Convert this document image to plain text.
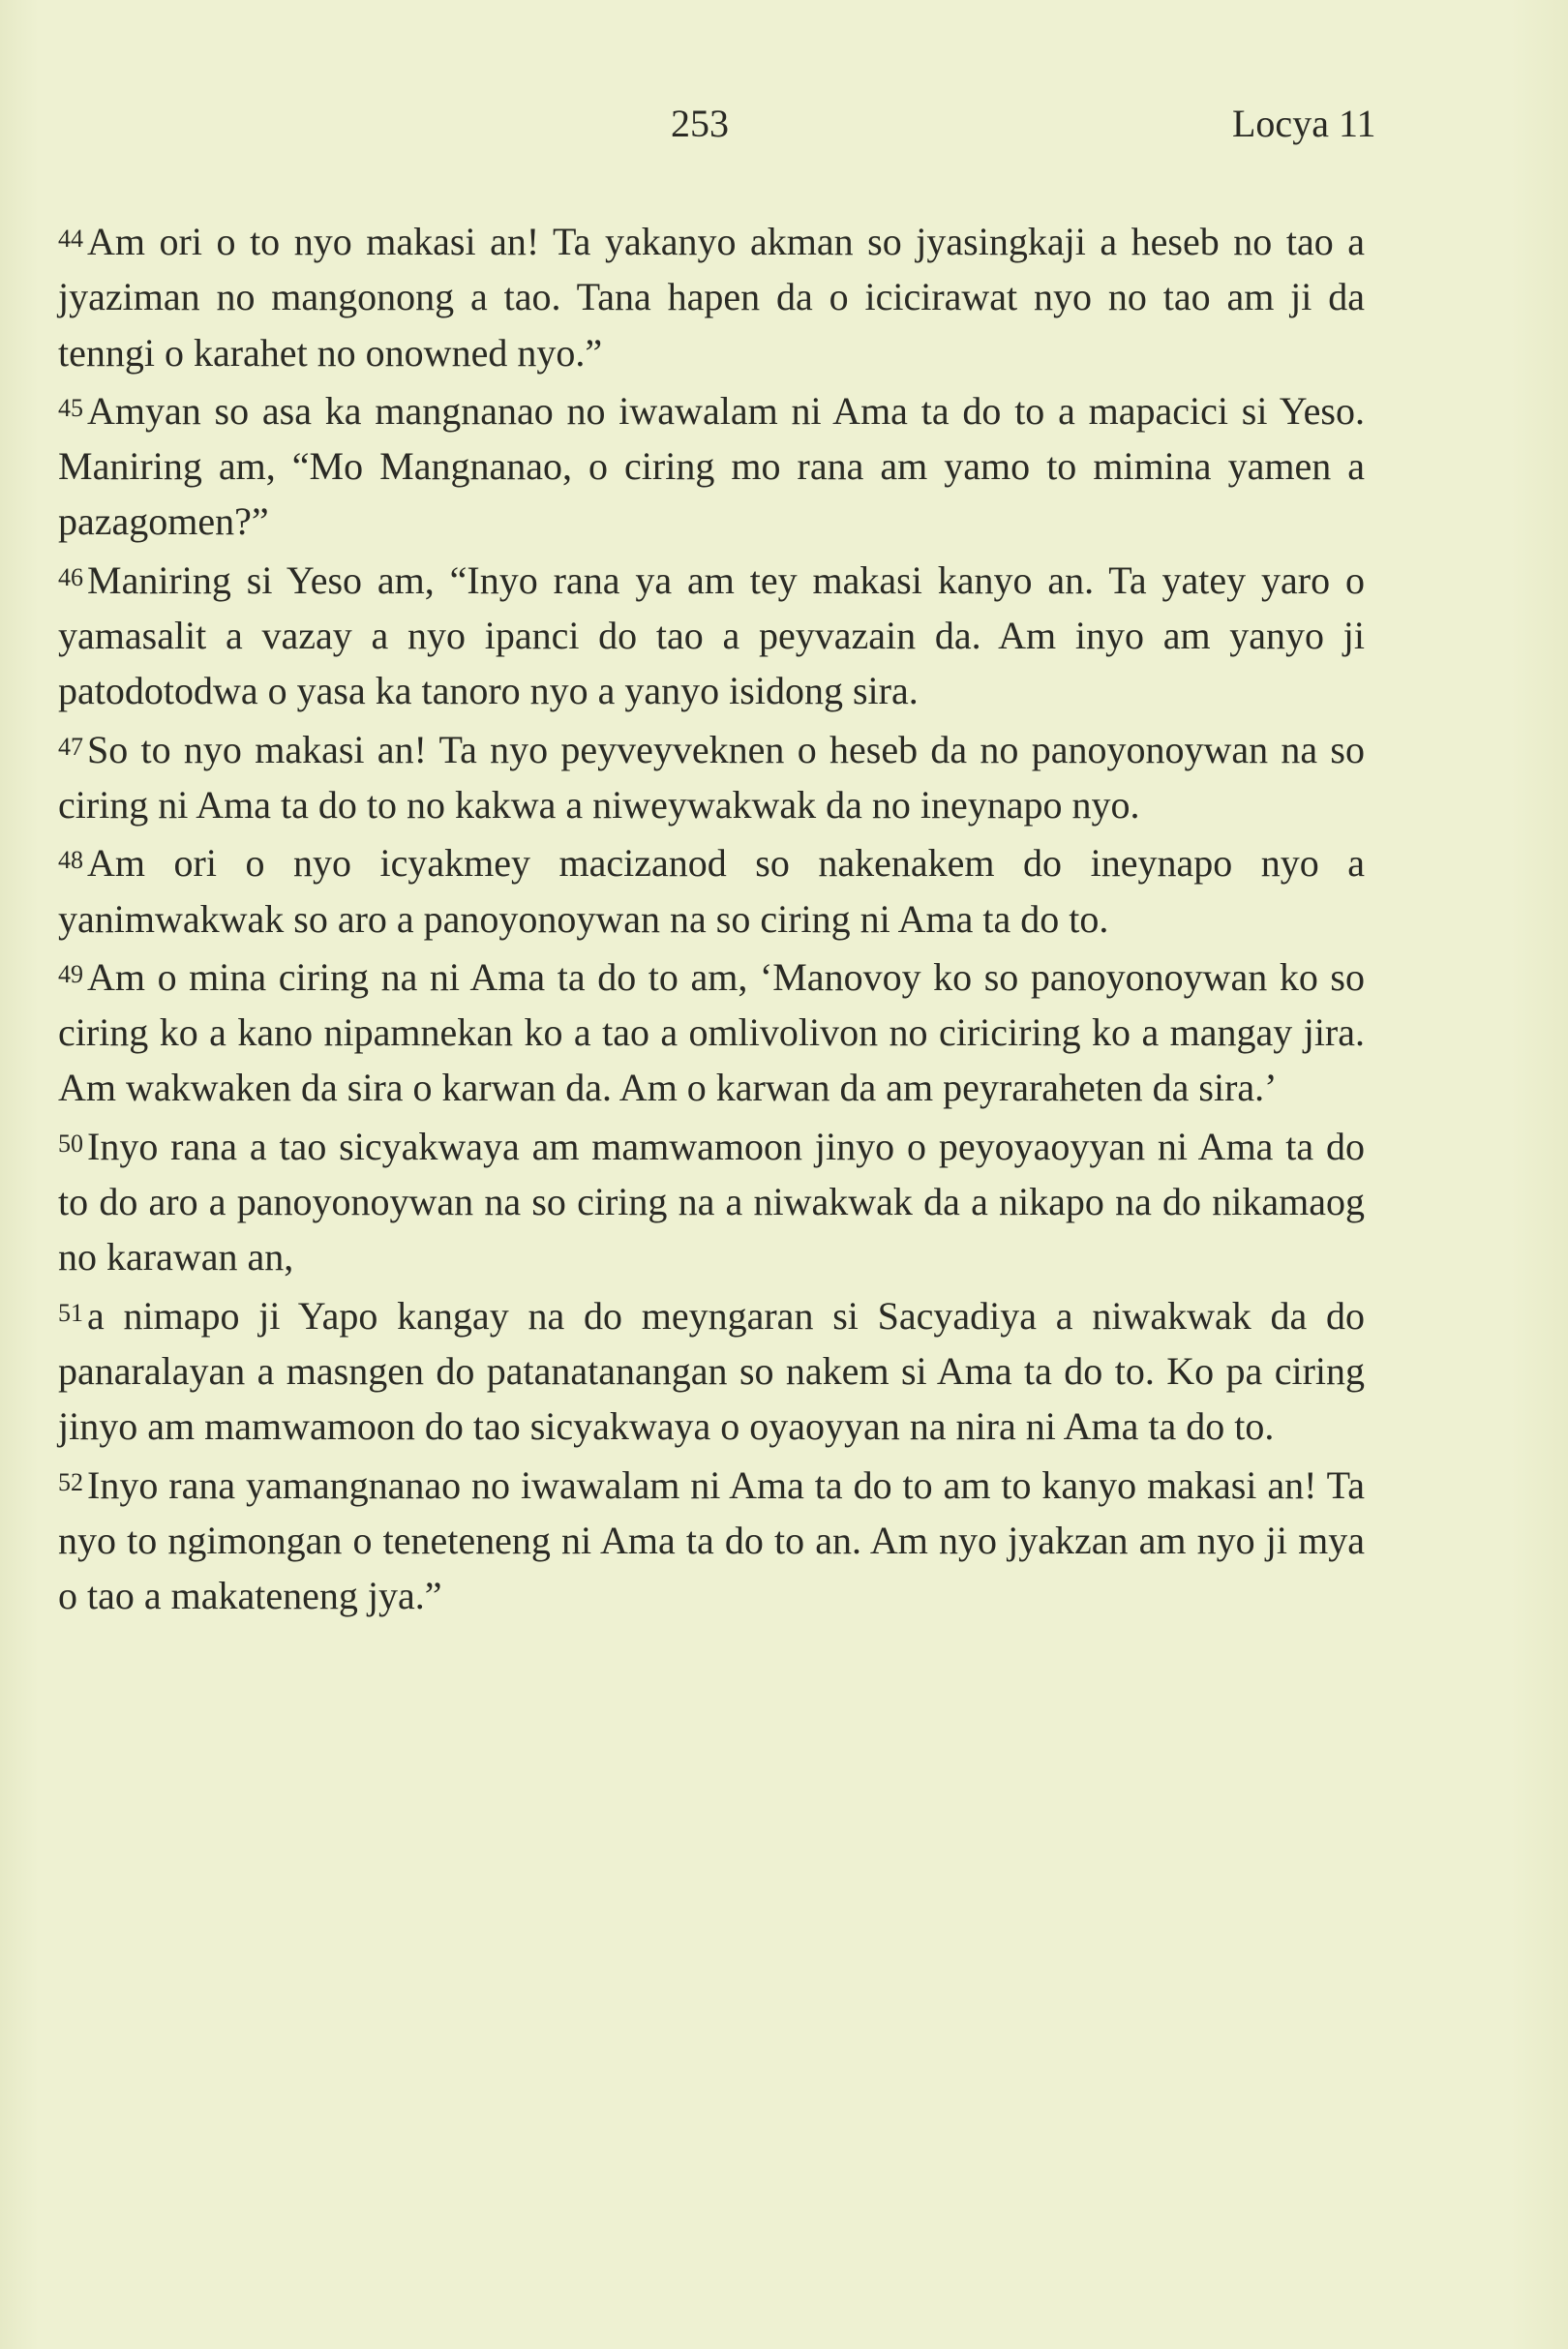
253	Locya 11

$^{44}$ Am ori o to nyo makasi an! Ta yakanyo akman so jyasingkaji a heseb no tao a jyaziman no mangonong a tao. Tana hapen da o icicirawat nyo no tao am ji da tenngi o karahet no onowned nyo.”

$^{45}$ Amyan so asa ka mangnanao no iwawalam ni Ama ta do to a mapacici si Yeso. Maniring am, “Mo Mangnanao, o ciring mo rana am yamo to mimina yamen a pazagomen?”

$^{46}$ Maniring si Yeso am, “Inyo rana ya am tey makasi kanyo an. Ta yatey yaro o yamasalit a vazay a nyo ipanci do tao a peyvazain da. Am inyo am yanyo ji patodotodwa o yasa ka tanoro nyo a yanyo isidong sira.

$^{47}$ So to nyo makasi an! Ta nyo peyveyveknen o heseb da no panoyonoywan na so ciring ni Ama ta do to no kakwa a niweywakwak da no ineynapo nyo.

$^{48}$ Am ori o nyo icyakmey macizanod so nakenakem do ineynapo nyo a yanimwakwak so aro a panoyonoywan na so ciring ni Ama ta do to.

$^{49}$ Am o mina ciring na ni Ama ta do to am, ‘Manovoy ko so panoyonoywan ko so ciring ko a kano nipamnekan ko a tao a omlivolivon no ciriciring ko a mangay jira. Am wakwaken da sira o karwan da. Am o karwan da am peyraraheten da sira.’

$^{50}$ Inyo rana a tao sicyakwaya am mamwamoon jinyo o peyoyaoyyan ni Ama ta do to do aro a panoyonoywan na so ciring na a niwakwak da a nikapo na do nikamaog no karawan an,

$^{51}$ a nimapo ji Yapo kangay na do meyngaran si Sacyadiya a niwakwak da do panaralayan a masngen do patanatanangan so nakem si Ama ta do to. Ko pa ciring jinyo am mamwamoon do tao sicyakwaya o oyaoyyan na nira ni Ama ta do to.

$^{52}$ Inyo rana yamangnanao no iwawalam ni Ama ta do to am to kanyo makasi an! Ta nyo to ngimongan o teneteneng ni Ama ta do to an. Am nyo jyakzan am nyo ji mya o tao a makateneng jya.”
